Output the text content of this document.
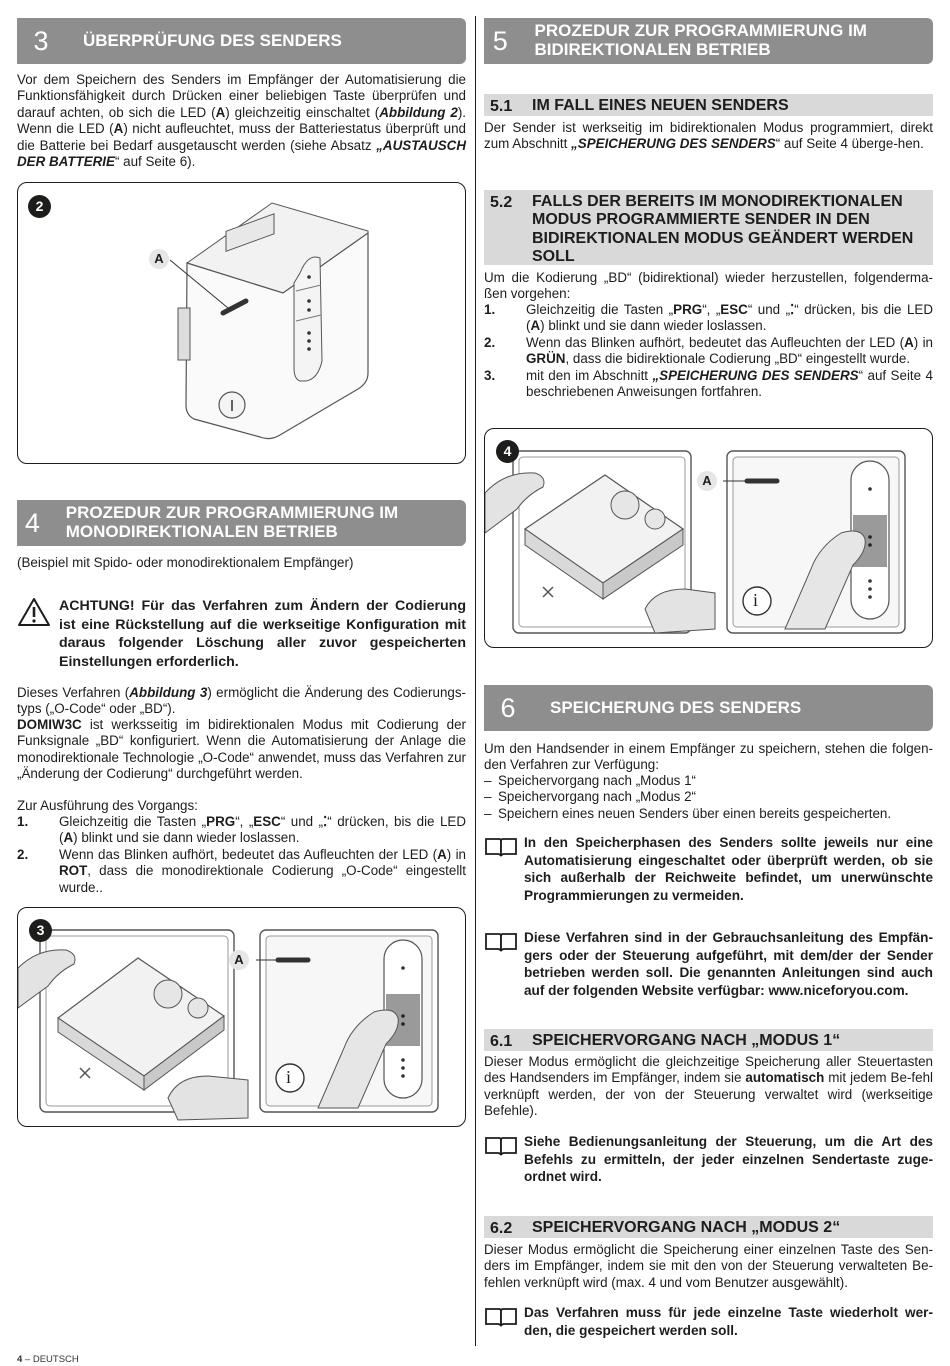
3	ÜBERPRÜFUNG DES SENDERS
Vor dem Speichern des Senders im Empfänger der Automatisierung die Funktionsfähigkeit durch Drücken einer beliebigen Taste überprüfen und darauf achten, ob sich die LED (A) gleichzeitig einschaltet (Abbildung 2). Wenn die LED (A) nicht aufleuchtet, muss der Batteriestatus überprüft und die Batterie bei Bedarf ausgetauscht werden (siehe Absatz „AUSTAUSCH DER BATTERIE“ auf Seite 6).
2
A
4	PROZEDUR ZUR PROGRAMMIERUNG IM MONODIREKTIONALEN BETRIEB
(Beispiel mit Spido- oder monodirektionalem Empfänger)
ACHTUNG! Für das Verfahren zum Ändern der Codierung ist eine Rückstellung auf die werkseitige Konfiguration mit daraus folgender Löschung aller zuvor gespeicherten Einstellungen erforderlich.
Dieses Verfahren (Abbildung 3) ermöglicht die Änderung des Codierungs-typs („O-Code“ oder „BD“).
DOMIW3C ist werksseitig im bidirektionalen Modus mit Codierung der Funksignale „BD“ konfiguriert. Wenn die Automatisierung der Anlage die monodirektionale Technologie „O-Code“ anwendet, muss das Verfahren zur „Änderung der Codierung“ durchgeführt werden.
Zur Ausführung des Vorgangs:
1.	Gleichzeitig die Tasten „PRG“, „ESC“ und „⁚“ drücken, bis die LED (A) blinkt und sie dann wieder loslassen.
2.	Wenn das Blinken aufhört, bedeutet das Aufleuchten der LED (A) in ROT, dass die monodirektionale Codierung „O-Code“ eingestellt wurde..
i
3
A
5	PROZEDUR ZUR PROGRAMMIERUNG IM BIDIREKTIONALEN BETRIEB
5.1	IM FALL EINES NEUEN SENDERS
Der Sender ist werkseitig im bidirektionalen Modus programmiert, direkt zum Abschnitt „SPEICHERUNG DES SENDERS“ auf Seite 4 überge-hen.
5.2	FALLS DER BEREITS IM MONODIREKTIONALEN MODUS PROGRAMMIERTE SENDER IN DEN BIDIREKTIONALEN MODUS GEÄNDERT WERDEN SOLL
Um die Kodierung „BD“ (bidirektional) wieder herzustellen, folgenderma-ßen vorgehen:
1.	Gleichzeitig die Tasten „PRG“, „ESC“ und „⁚“ drücken, bis die LED (A) blinkt und sie dann wieder loslassen.
2.	Wenn das Blinken aufhört, bedeutet das Aufleuchten der LED (A) in GRÜN, dass die bidirektionale Codierung „BD“ eingestellt wurde.
3.	mit den im Abschnitt „SPEICHERUNG DES SENDERS“ auf Seite 4 beschriebenen Anweisungen fortfahren.
i
4
A
6	SPEICHERUNG DES SENDERS
Um den Handsender in einem Empfänger zu speichern, stehen die folgen-den Verfahren zur Verfügung:
– Speichervorgang nach „Modus 1“
– Speichervorgang nach „Modus 2“
– Speichern eines neuen Senders über einen bereits gespeicherten.
In den Speicherphasen des Senders sollte jeweils nur eine Automatisierung eingeschaltet oder überprüft werden, ob sie sich außerhalb der Reichweite befindet, um unerwünschte Programmierungen zu vermeiden.
Diese Verfahren sind in der Gebrauchsanleitung des Empfän-gers oder der Steuerung aufgeführt, mit dem/der der Sender betrieben werden soll. Die genannten Anleitungen sind auch auf der folgenden Website verfügbar: www.niceforyou.com.
6.1	SPEICHERVORGANG NACH „MODUS 1“
Dieser Modus ermöglicht die gleichzeitige Speicherung aller Steuertasten des Handsenders im Empfänger, indem sie automatisch mit jedem Be-fehl verknüpft werden, der von der Steuerung verwaltet wird (werkseitige Befehle).
Siehe Bedienungsanleitung der Steuerung, um die Art des Befehls zu ermitteln, der jeder einzelnen Sendertaste zuge-ordnet wird.
6.2	SPEICHERVORGANG NACH „MODUS 2“
Dieser Modus ermöglicht die Speicherung einer einzelnen Taste des Sen-ders im Empfänger, indem sie mit den von der Steuerung verwalteten Be-fehlen verknüpft wird (max. 4 und vom Benutzer ausgewählt).
Das Verfahren muss für jede einzelne Taste wiederholt wer-den, die gespeichert werden soll.
4 – DEUTSCH
